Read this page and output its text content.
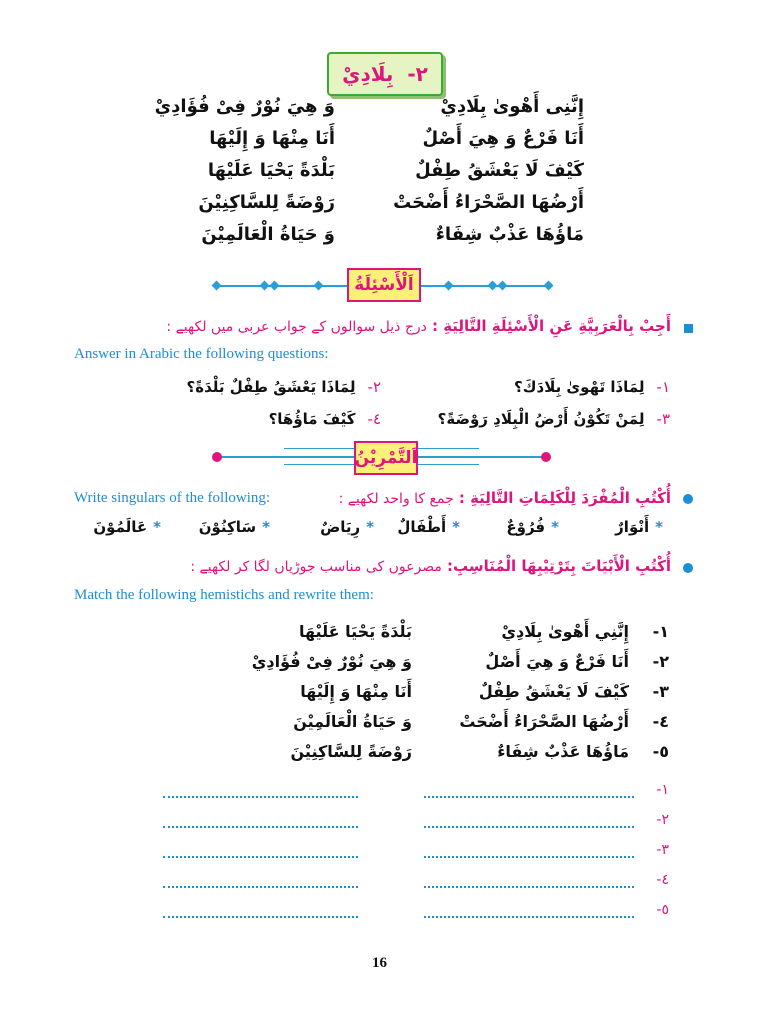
٢-

بِلَادِيْ
إِنَّنِى أَهْوىٰ بِلَادِيْ
وَ هِيَ نُوْرٌ فِىْ فُؤَادِيْ
أَنَا فَرْعٌ وَ هِيَ أَصْلٌ
أَنَا مِنْهَا وَ إِلَيْهَا
كَيْفَ لَا يَعْشَقُ طِفْلٌ
بَلْدَةً يَحْيَا عَلَيْهَا
أَرْضُهَا الصَّحْرَاءُ أَضْحَتْ
رَوْضَةً لِلسَّاكِنِيْنَ
مَاؤُهَا عَذْبٌ شِفَاءٌ
وَ حَيَاةُ الْعَالَمِيْنَ
اَلْأَسْئِلَةُ
أَجِبْ بِالْعَرَبِيَّةِ عَنِ الْأَسْئِلَةِ التَّالِيَةِ : درج ذیل سوالوں کے جواب عربی میں لکھیے :
Answer in Arabic the following questions:
١-لِمَاذَا تَهْوىٰ بِلَادَكَ؟
٢-لِمَاذَا يَعْشَقُ طِفْلٌ بَلْدَةً؟
٣-لِمَنْ تَكُوْنُ أَرْضُ الْبِلَادِ رَوْضَةً؟
٤-كَيْفَ مَاؤُهَا؟
اَلتَّمْرِيْنُ
أُكْتُبِ الْمُفْرَدَ لِلْكَلِمَاتِ التَّالِيَةِ : جمع کا واحد لکھیے :
Write singulars of the following:
*أَنْوَارٌ
*فُرُوْعٌ
*أَطْفَالٌ
*رِيَاضٌ
*سَاكِنُوْنَ
*عَالَمُوْنَ
أُكْتُبِ الْأَبْيَاتَ بِتَرْتِيْبِهَا الْمُنَاسِبِ: مصرعوں کی مناسب جوڑیاں لگا کر لکھیے :
Match the following hemistichs and rewrite them:
١-
إِنَّنِي أَهْوىٰ بِلَادِيْ
بَلْدَةً يَحْيَا عَلَيْهَا
٢-
أَنَا فَرْعٌ وَ هِيَ أَصْلٌ
وَ هِيَ نُوْرٌ فِىْ فُؤَادِيْ
٣-
كَيْفَ لَا يَعْشَقُ طِفْلٌ
أَنَا مِنْهَا وَ إِلَيْهَا
٤-
أَرْضُهَا الصَّحْرَاءُ أَضْحَتْ
وَ حَيَاةُ الْعَالَمِيْنَ
٥-
مَاؤُهَا عَذْبٌ شِفَاءٌ
رَوْضَةً لِلسَّاكِنِيْنَ
١-
٢-
٣-
٤-
٥-
16
